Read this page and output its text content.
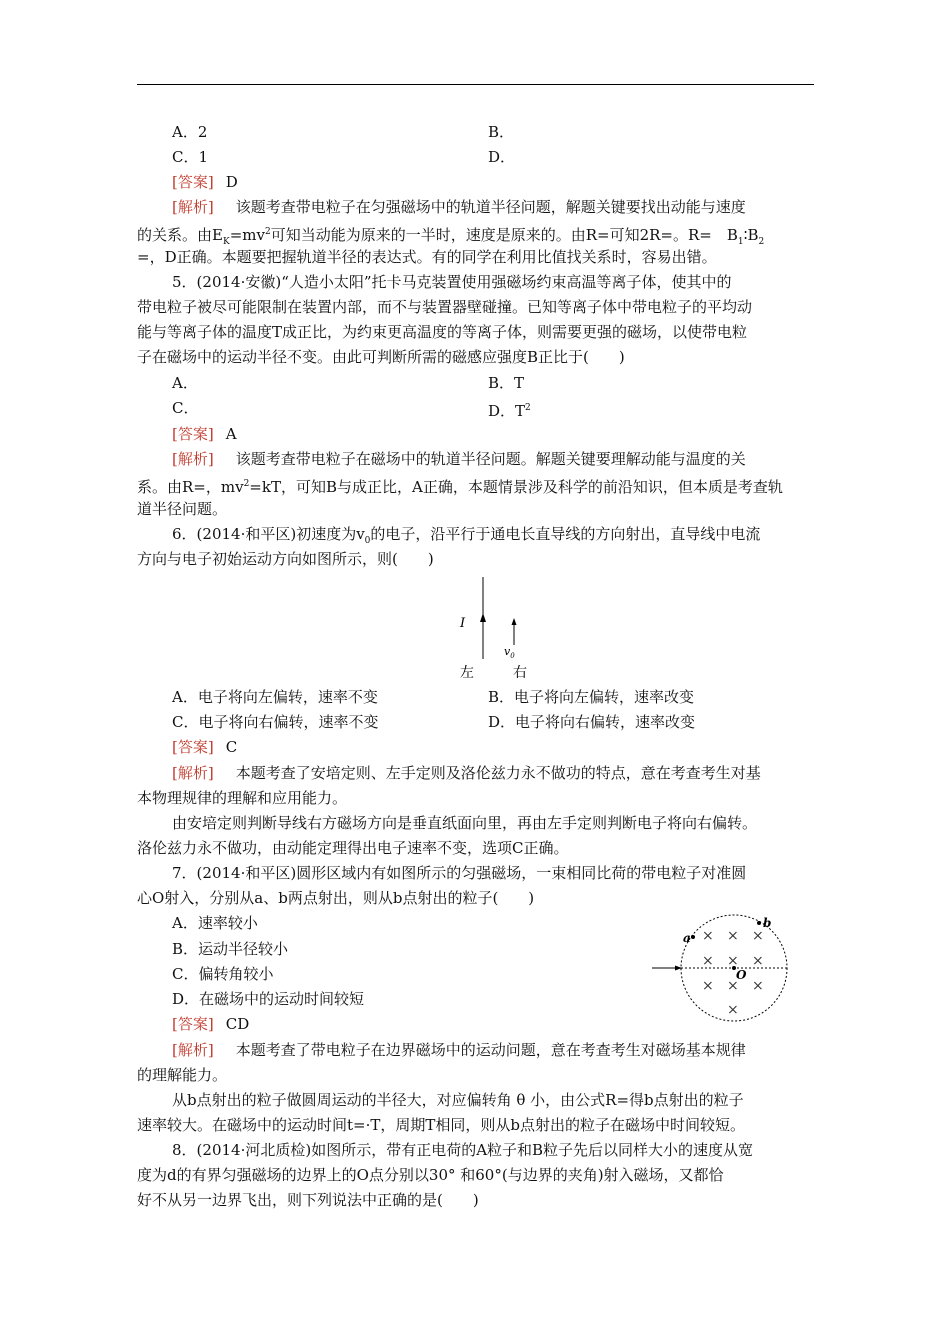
A．2	B．
C．1	D．
[答案] D
[解析] 该题考查带电粒子在匀强磁场中的轨道半径问题，解题关键要找出动能与速度
的关系。由$E_K=mv^2$可知当动能为原来的一半时，速度是原来的。由R=可知2R=。R=　$B_1∶B_2$
=，D正确。本题要把握轨道半径的表达式。有的同学在利用比值找关系时，容易出错。
5．(2014·安徽)“人造小太阳”托卡马克装置使用强磁场约束高温等离子体，使其中的
带电粒子被尽可能限制在装置内部，而不与装置器壁碰撞。已知等离子体中带电粒子的平均动
能与等离子体的温度T成正比，为约束更高温度的等离子体，则需要更强的磁场，以使带电粒
子在磁场中的运动半径不变。由此可判断所需的磁感应强度B正比于(　　)
A．	B．T
C．	D．$T^2$
[答案] A
[解析] 该题考查带电粒子在磁场中的轨道半径问题。解题关键要理解动能与温度的关
系。由R=，$mv^2=kT$，可知B与成正比，A正确，本题情景涉及科学的前沿知识，但本质是考查轨
道半径问题。
6．(2014·和平区)初速度为$v_0$的电子，沿平行于通电长直导线的方向射出，直导线中电流
方向与电子初始运动方向如图所示，则(　　)
I
$v_0$
左	右
A．电子将向左偏转，速率不变	B．电子将向左偏转，速率改变
C．电子将向右偏转，速率不变	D．电子将向右偏转，速率改变
[答案] C
[解析] 本题考查了安培定则、左手定则及洛伦兹力永不做功的特点，意在考查考生对基
本物理规律的理解和应用能力。
由安培定则判断导线右方磁场方向是垂直纸面向里，再由左手定则判断电子将向右偏转。
洛伦兹力永不做功，由动能定理得出电子速率不变，选项C正确。
7．(2014·和平区)圆形区域内有如图所示的匀强磁场，一束相同比荷的带电粒子对准圆
心O射入，分别从a、b两点射出，则从b点射出的粒子(　　)
A．速率较小
B．运动半径较小
C．偏转角较小
D．在磁场中的运动时间较短
a
b
O
× × ×
× × ×
× × ×
×
[答案] CD
[解析] 本题考查了带电粒子在边界磁场中的运动问题，意在考查考生对磁场基本规律
的理解能力。
从b点射出的粒子做圆周运动的半径大，对应偏转角 θ 小，由公式R=得b点射出的粒子
速率较大。在磁场中的运动时间t=·T，周期T相同，则从b点射出的粒子在磁场中时间较短。
8．(2014·河北质检)如图所示，带有正电荷的A粒子和B粒子先后以同样大小的速度从宽
度为d的有界匀强磁场的边界上的O点分别以30° 和60°(与边界的夹角)射入磁场，又都恰
好不从另一边界飞出，则下列说法中正确的是(　　)
